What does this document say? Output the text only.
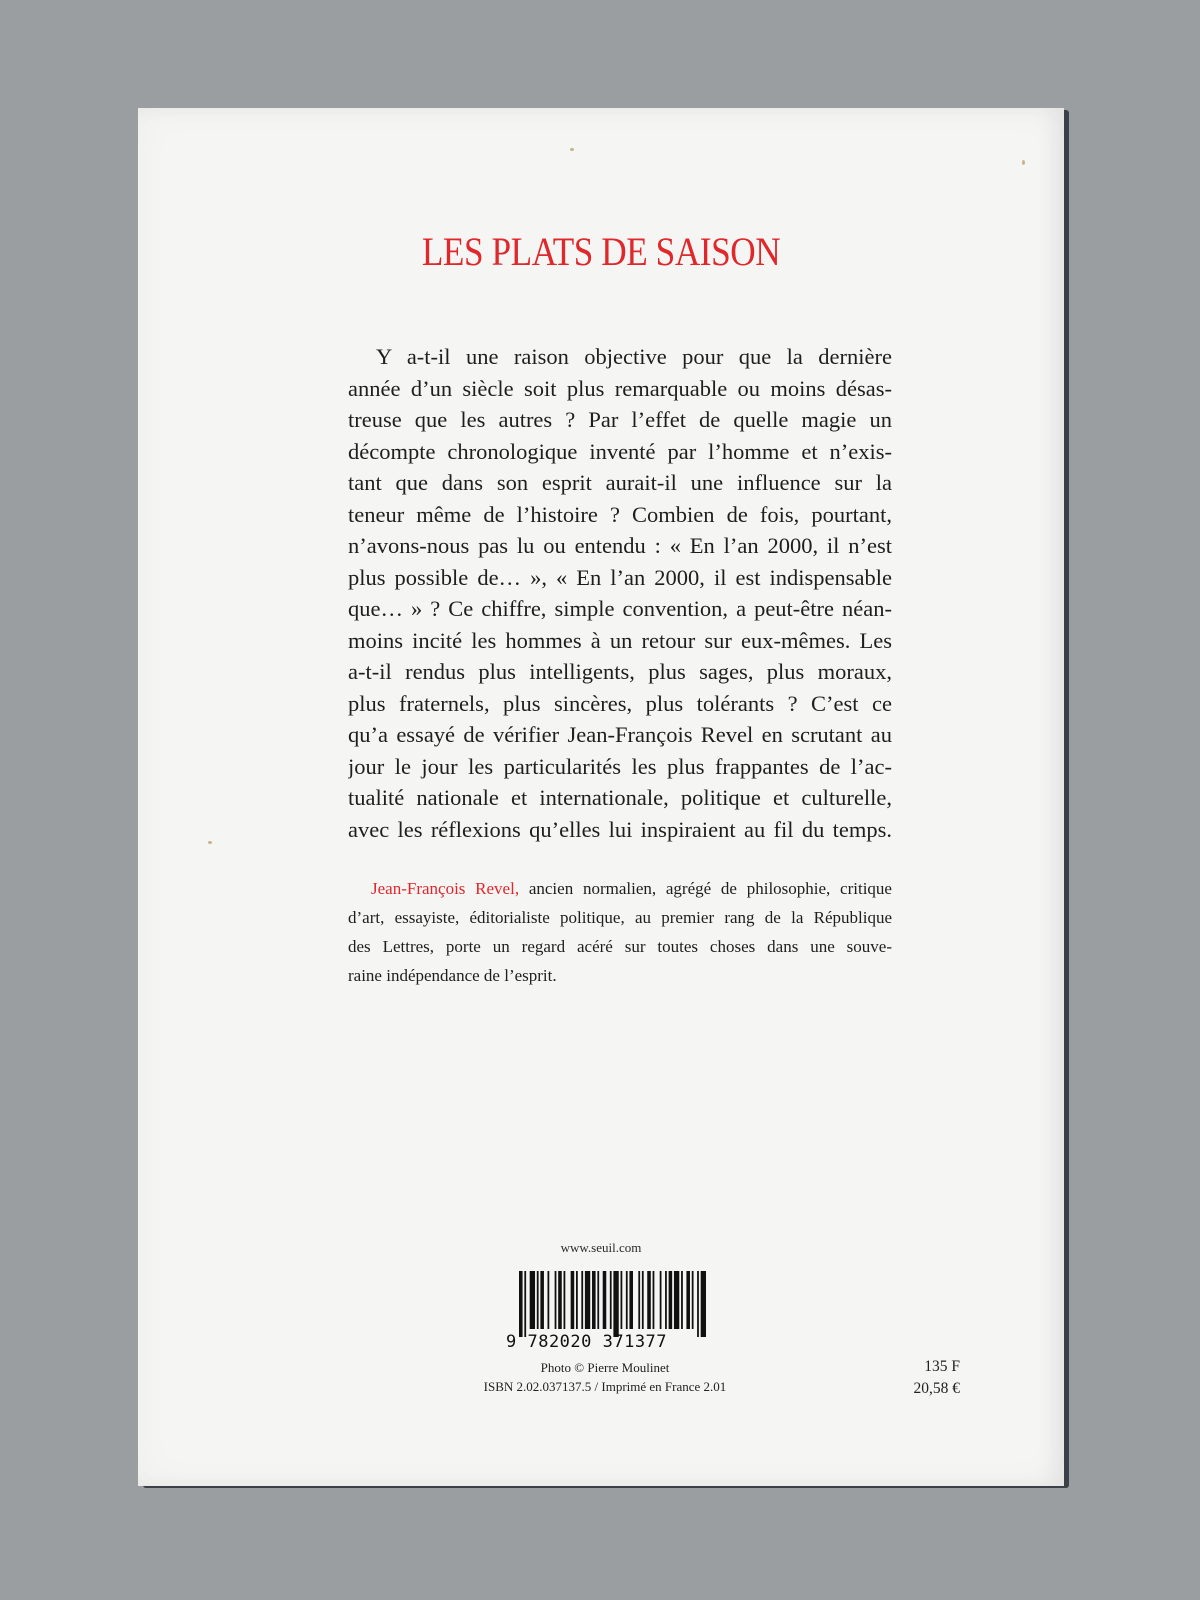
LES PLATS DE SAISON
Y a-t-il une raison objective pour que la dernière
année d’un siècle soit plus remarquable ou moins désas-
treuse que les autres ? Par l’effet de quelle magie un
décompte chronologique inventé par l’homme et n’exis-
tant que dans son esprit aurait-il une influence sur la
teneur même de l’histoire ? Combien de fois, pourtant,
n’avons-nous pas lu ou entendu : « En l’an 2000, il n’est
plus possible de… », « En l’an 2000, il est indispensable
que… » ? Ce chiffre, simple convention, a peut-être néan-
moins incité les hommes à un retour sur eux-mêmes. Les
a-t-il rendus plus intelligents, plus sages, plus moraux,
plus fraternels, plus sincères, plus tolérants ? C’est ce
qu’a essayé de vérifier Jean-François Revel en scrutant au
jour le jour les particularités les plus frappantes de l’ac-
tualité nationale et internationale, politique et culturelle,
avec les réflexions qu’elles lui inspiraient au fil du temps.
Jean-François Revel, ancien normalien, agrégé de philosophie, critique
d’art, essayiste, éditorialiste politique, au premier rang de la République
des Lettres, porte un regard acéré sur toutes choses dans une souve-
raine indépendance de l’esprit.
www.seuil.com
9 782020 371377
Photo © Pierre Moulinet
ISBN 2.02.037137.5 / Imprimé en France 2.01
135 F
20,58 €
